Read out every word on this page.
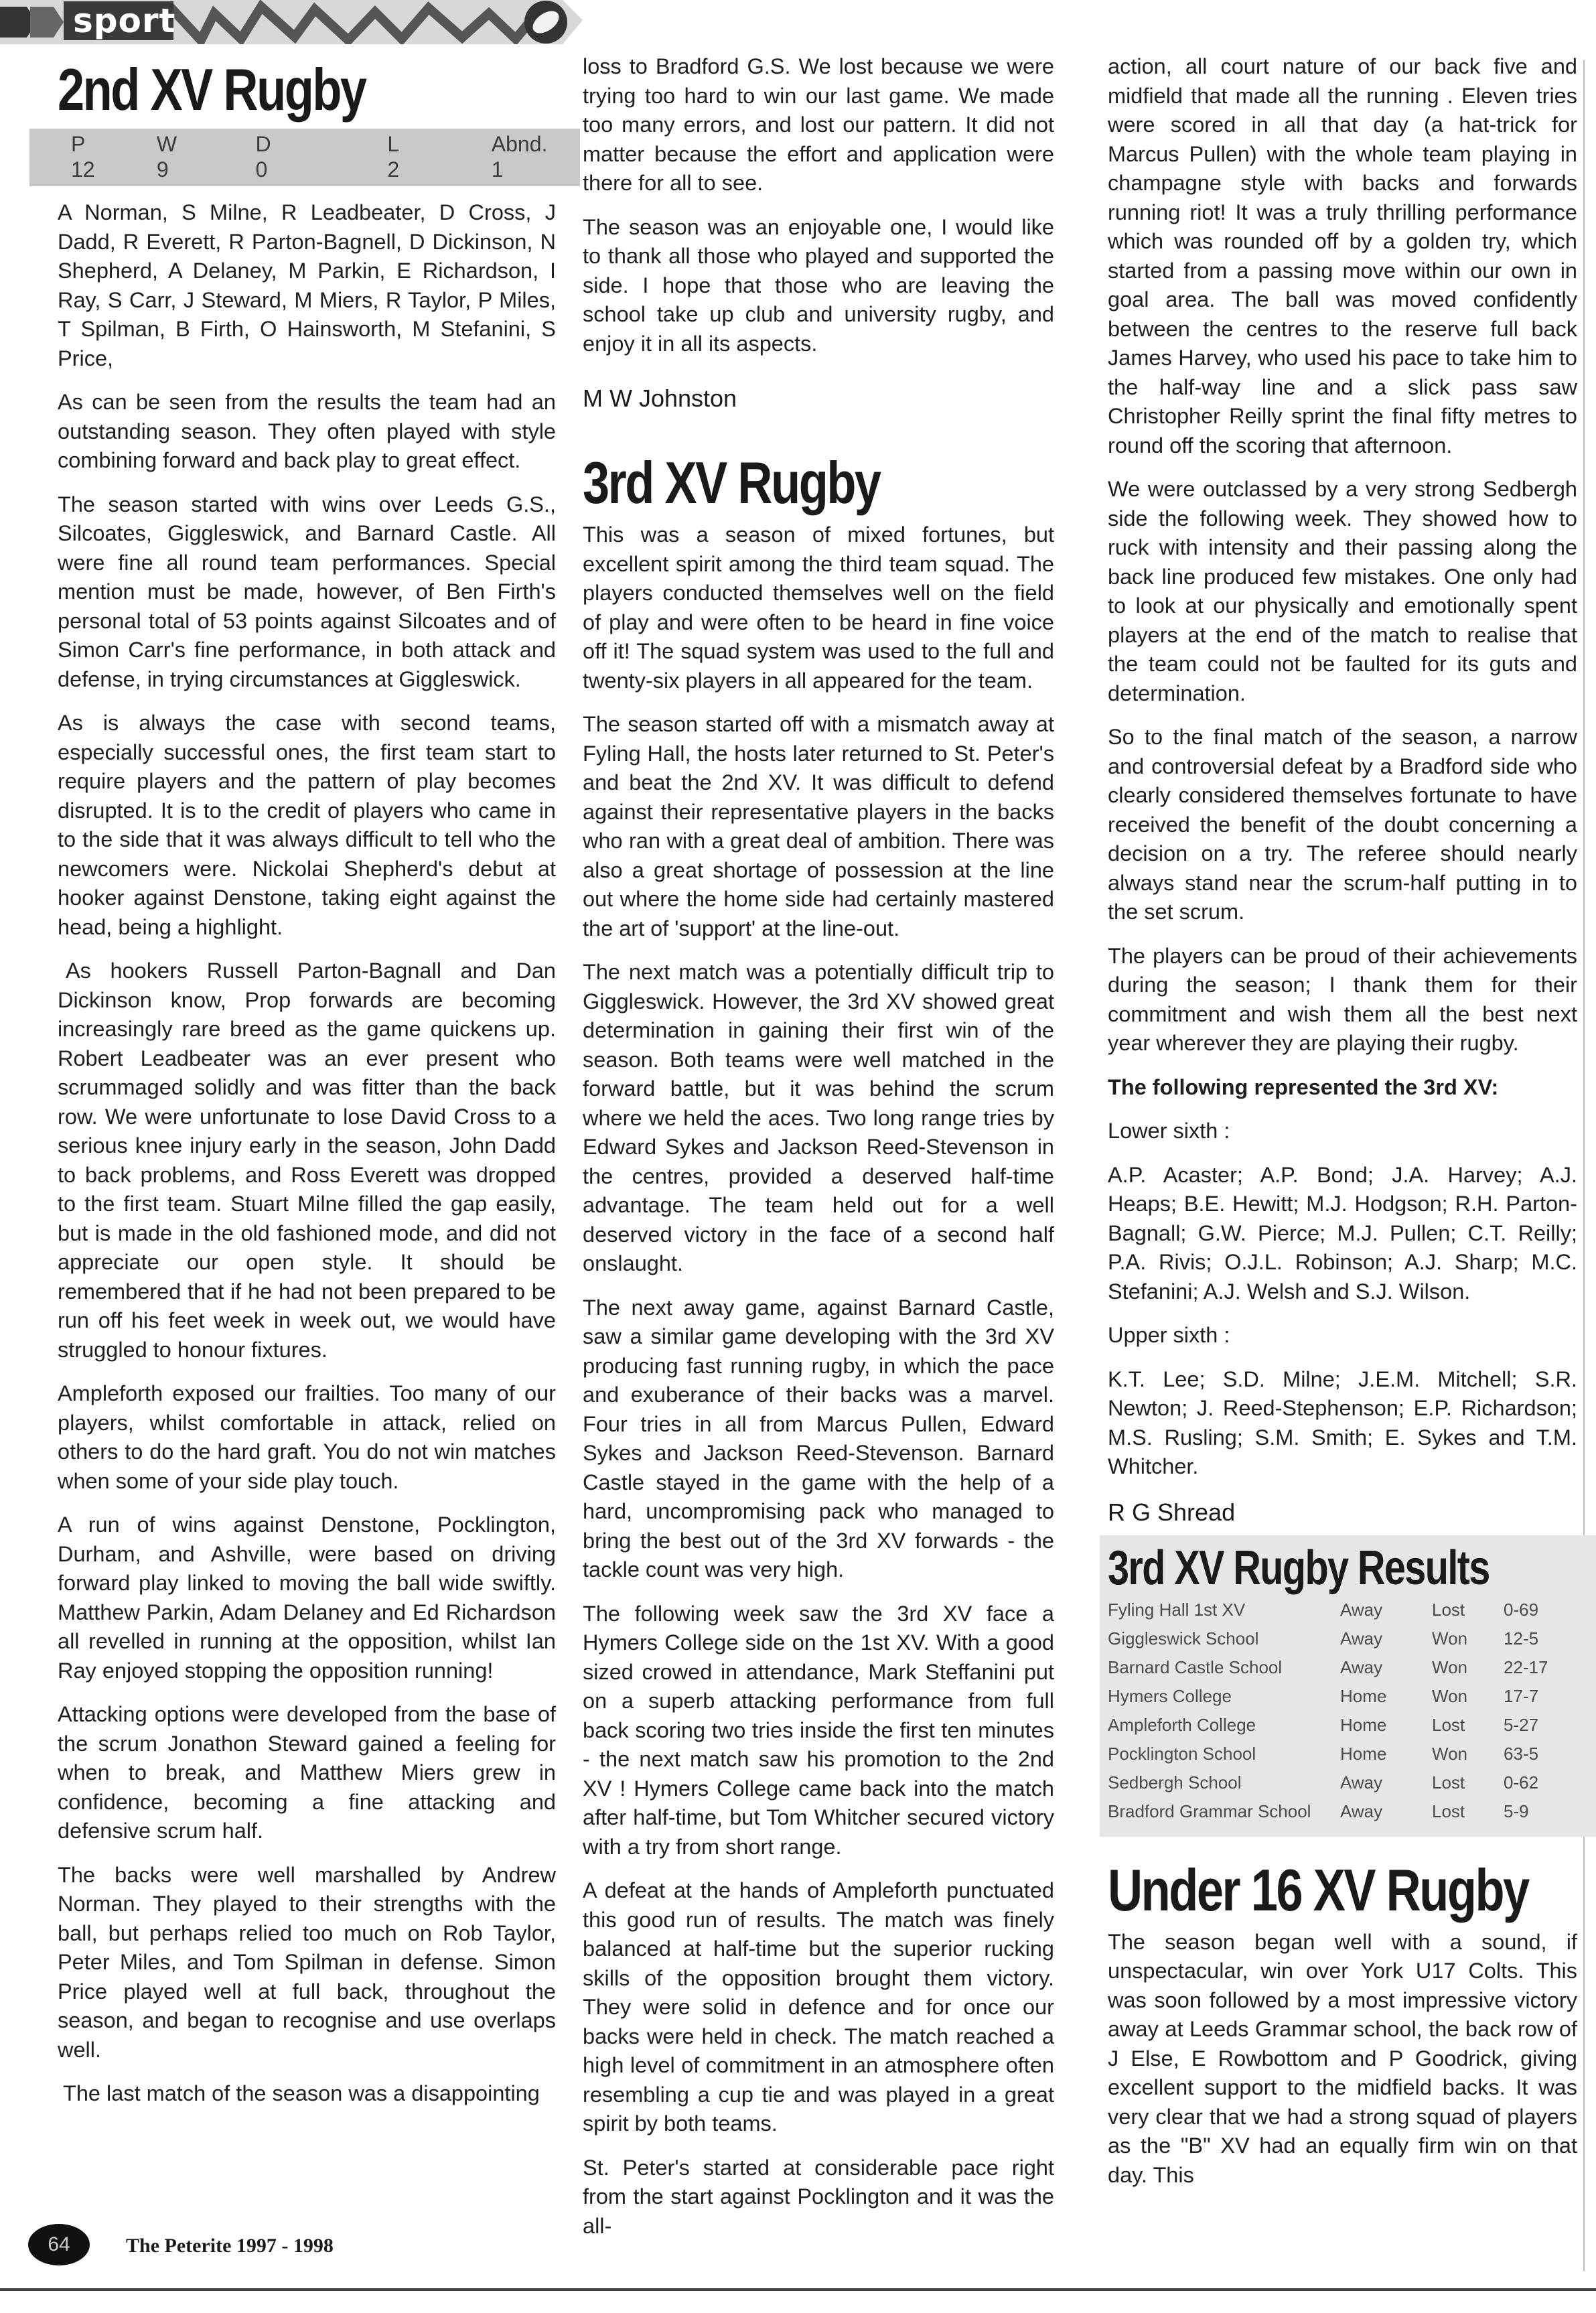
sport
2nd XV Rugby
P	W	D	L	Abnd.
12	9	0	2	1

A Norman, S Milne, R Leadbeater, D Cross, J Dadd, R Everett, R Parton-Bagnell, D Dickinson, N Shepherd, A Delaney, M Parkin, E Richardson, I Ray, S Carr, J Steward, M Miers, R Taylor, P Miles, T Spilman, B Firth, O Hainsworth, M Stefanini, S Price,

As can be seen from the results the team had an outstanding season. They often played with style combining forward and back play to great effect.

The season started with wins over Leeds G.S., Silcoates, Giggleswick, and Barnard Castle. All were fine all round team performances. Special mention must be made, however, of Ben Firth's personal total of 53 points against Silcoates and of Simon Carr's fine performance, in both attack and defense, in trying circumstances at Giggleswick.

As is always the case with second teams, especially successful ones, the first team start to require players and the pattern of play becomes disrupted. It is to the credit of players who came in to the side that it was always difficult to tell who the newcomers were. Nickolai Shepherd's debut at hooker against Denstone, taking eight against the head, being a highlight.

As hookers Russell Parton-Bagnall and Dan Dickinson know, Prop forwards are becoming increasingly rare breed as the game quickens up. Robert Leadbeater was an ever present who scrummaged solidly and was fitter than the back row. We were unfortunate to lose David Cross to a serious knee injury early in the season, John Dadd to back problems, and Ross Everett was dropped to the first team. Stuart Milne filled the gap easily, but is made in the old fashioned mode, and did not appreciate our open style. It should be remembered that if he had not been prepared to be run off his feet week in week out, we would have struggled to honour fixtures.

Ampleforth exposed our frailties. Too many of our players, whilst comfortable in attack, relied on others to do the hard graft. You do not win matches when some of your side play touch.

A run of wins against Denstone, Pocklington, Durham, and Ashville, were based on driving forward play linked to moving the ball wide swiftly. Matthew Parkin, Adam Delaney and Ed Richardson all revelled in running at the opposition, whilst Ian Ray enjoyed stopping the opposition running!

Attacking options were developed from the base of the scrum Jonathon Steward gained a feeling for when to break, and Matthew Miers grew in confidence, becoming a fine attacking and defensive scrum half.

The backs were well marshalled by Andrew Norman. They played to their strengths with the ball, but perhaps relied too much on Rob Taylor, Peter Miles, and Tom Spilman in defense. Simon Price played well at full back, throughout the season, and began to recognise and use overlaps well.

The last match of the season was a disappointing

loss to Bradford G.S. We lost because we were trying too hard to win our last game. We made too many errors, and lost our pattern. It did not matter because the effort and application were there for all to see.

The season was an enjoyable one, I would like to thank all those who played and supported the side. I hope that those who are leaving the school take up club and university rugby, and enjoy it in all its aspects.

M W Johnston
3rd XV Rugby

This was a season of mixed fortunes, but excellent spirit among the third team squad. The players conducted themselves well on the field of play and were often to be heard in fine voice off it! The squad system was used to the full and twenty-six players in all appeared for the team.

The season started off with a mismatch away at Fyling Hall, the hosts later returned to St. Peter's and beat the 2nd XV. It was difficult to defend against their representative players in the backs who ran with a great deal of ambition. There was also a great shortage of possession at the line out where the home side had certainly mastered the art of 'support' at the line-out.

The next match was a potentially difficult trip to Giggleswick. However, the 3rd XV showed great determination in gaining their first win of the season. Both teams were well matched in the forward battle, but it was behind the scrum where we held the aces. Two long range tries by Edward Sykes and Jackson Reed-Stevenson in the centres, provided a deserved half-time advantage. The team held out for a well deserved victory in the face of a second half onslaught.

The next away game, against Barnard Castle, saw a similar game developing with the 3rd XV producing fast running rugby, in which the pace and exuberance of their backs was a marvel. Four tries in all from Marcus Pullen, Edward Sykes and Jackson Reed-Stevenson. Barnard Castle stayed in the game with the help of a hard, uncompromising pack who managed to bring the best out of the 3rd XV forwards - the tackle count was very high.

The following week saw the 3rd XV face a Hymers College side on the 1st XV. With a good sized crowed in attendance, Mark Steffanini put on a superb attacking performance from full back scoring two tries inside the first ten minutes - the next match saw his promotion to the 2nd XV ! Hymers College came back into the match after half-time, but Tom Whitcher secured victory with a try from short range.

A defeat at the hands of Ampleforth punctuated this good run of results. The match was finely balanced at half-time but the superior rucking skills of the opposition brought them victory. They were solid in defence and for once our backs were held in check. The match reached a high level of commitment in an atmosphere often resembling a cup tie and was played in a great spirit by both teams.

St. Peter's started at considerable pace right from the start against Pocklington and it was the all-

action, all court nature of our back five and midfield that made all the running . Eleven tries were scored in all that day (a hat-trick for Marcus Pullen) with the whole team playing in champagne style with backs and forwards running riot! It was a truly thrilling performance which was rounded off by a golden try, which started from a passing move within our own in goal area. The ball was moved confidently between the centres to the reserve full back James Harvey, who used his pace to take him to the half-way line and a slick pass saw Christopher Reilly sprint the final fifty metres to round off the scoring that afternoon.

We were outclassed by a very strong Sedbergh side the following week. They showed how to ruck with intensity and their passing along the back line produced few mistakes. One only had to look at our physically and emotionally spent players at the end of the match to realise that the team could not be faulted for its guts and determination.

So to the final match of the season, a narrow and controversial defeat by a Bradford side who clearly considered themselves fortunate to have received the benefit of the doubt concerning a decision on a try. The referee should nearly always stand near the scrum-half putting in to the set scrum.

The players can be proud of their achievements during the season; I thank them for their commitment and wish them all the best next year wherever they are playing their rugby.

The following represented the 3rd XV:

Lower sixth :

A.P. Acaster; A.P. Bond; J.A. Harvey; A.J. Heaps; B.E. Hewitt; M.J. Hodgson; R.H. Parton-Bagnall; G.W. Pierce; M.J. Pullen; C.T. Reilly; P.A. Rivis; O.J.L. Robinson; A.J. Sharp; M.C. Stefanini; A.J. Welsh and S.J. Wilson.

Upper sixth :

K.T. Lee; S.D. Milne; J.E.M. Mitchell; S.R. Newton; J. Reed-Stephenson; E.P. Richardson; M.S. Rusling; S.M. Smith; E. Sykes and T.M. Whitcher.

R G Shread
3rd XV Rugby Results
Fyling Hall 1st XV	Away	Lost	0-69
Giggleswick School	Away	Won	12-5
Barnard Castle School	Away	Won	22-17
Hymers College	Home	Won	17-7
Ampleforth College	Home	Lost	5-27
Pocklington School	Home	Won	63-5
Sedbergh School	Away	Lost	0-62
Bradford Grammar School	Away	Lost	5-9
Under 16 XV Rugby

The season began well with a sound, if unspectacular, win over York U17 Colts. This was soon followed by a most impressive victory away at Leeds Grammar school, the back row of J Else, E Rowbottom and P Goodrick, giving excellent support to the midfield backs. It was very clear that we had a strong squad of players as the "B" XV had an equally firm win on that day. This

64	The Peterite 1997 - 1998
